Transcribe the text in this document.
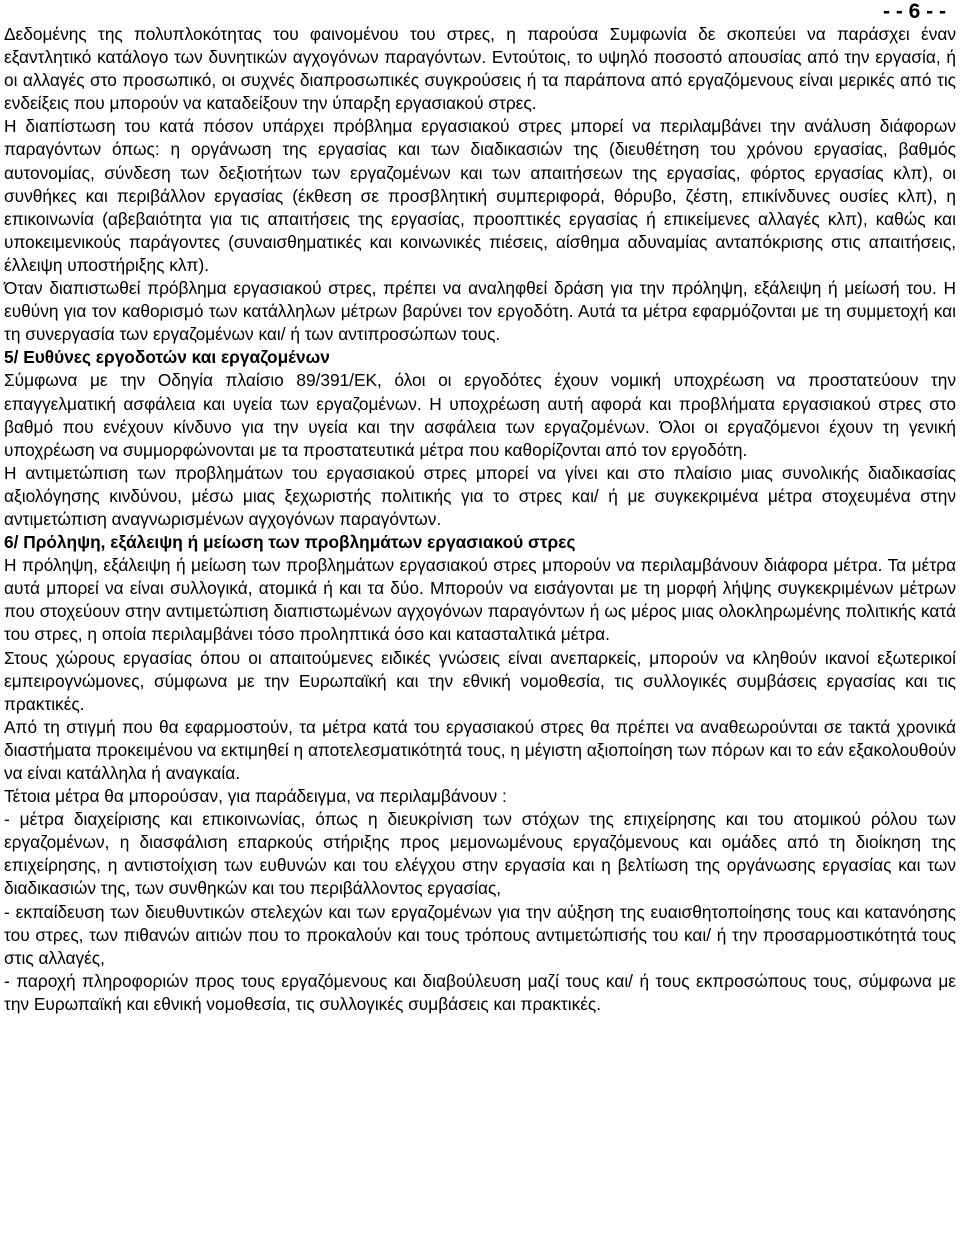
- - 6 - -

Δεδομένης της πολυπλοκότητας του φαινομένου του στρες, η παρούσα Συμφωνία δε σκοπεύει να παράσχει έναν εξαντλητικό κατάλογο των δυνητικών αγχογόνων παραγόντων. Εντούτοις, το υψηλό ποσοστό απουσίας από την εργασία, ή οι αλλαγές στο προσωπικό, οι συχνές διαπροσωπικές συγκρούσεις ή τα παράπονα από εργαζόμενους είναι μερικές από τις ενδείξεις που μπορούν να καταδείξουν την ύπαρξη εργασιακού στρες.

Η διαπίστωση του κατά πόσον υπάρχει πρόβλημα εργασιακού στρες μπορεί να περιλαμβάνει την ανάλυση διάφορων παραγόντων όπως: η οργάνωση της εργασίας και των διαδικασιών της (διευθέτηση του χρόνου εργασίας, βαθμός αυτονομίας, σύνδεση των δεξιοτήτων των εργαζομένων και των απαιτήσεων της εργασίας, φόρτος εργασίας κλπ), οι συνθήκες και περιβάλλον εργασίας (έκθεση σε προσβλητική συμπεριφορά, θόρυβο, ζέστη, επικίνδυνες ουσίες κλπ), η επικοινωνία (αβεβαιότητα για τις απαιτήσεις της εργασίας, προοπτικές εργασίας ή επικείμενες αλλαγές κλπ), καθώς και υποκειμενικούς παράγοντες (συναισθηματικές και κοινωνικές πιέσεις, αίσθημα αδυναμίας ανταπόκρισης στις απαιτήσεις, έλλειψη υποστήριξης κλπ).

Όταν διαπιστωθεί πρόβλημα εργασιακού στρες, πρέπει να αναληφθεί δράση για την πρόληψη, εξάλειψη ή μείωσή του. Η ευθύνη για τον καθορισμό των κατάλληλων μέτρων βαρύνει τον εργοδότη. Αυτά τα μέτρα εφαρμόζονται με τη συμμετοχή και τη συνεργασία των εργαζομένων και/ ή των αντιπροσώπων τους.

5/ Ευθύνες εργοδοτών και εργαζομένων

Σύμφωνα με την Οδηγία πλαίσιο 89/391/ΕΚ, όλοι οι εργοδότες έχουν νομική υποχρέωση να προστατεύουν την επαγγελματική ασφάλεια και υγεία των εργαζομένων. Η υποχρέωση αυτή αφορά και προβλήματα εργασιακού στρες στο βαθμό που ενέχουν κίνδυνο για την υγεία και την ασφάλεια των εργαζομένων. Όλοι οι εργαζόμενοι έχουν τη γενική υποχρέωση να συμμορφώνονται με τα προστατευτικά μέτρα που καθορίζονται από τον εργοδότη.

Η αντιμετώπιση των προβλημάτων του εργασιακού στρες μπορεί να γίνει και στο πλαίσιο μιας συνολικής διαδικασίας αξιολόγησης κινδύνου, μέσω μιας ξεχωριστής πολιτικής για το στρες και/ ή με συγκεκριμένα μέτρα στοχευμένα στην αντιμετώπιση αναγνωρισμένων αγχογόνων παραγόντων.

6/ Πρόληψη, εξάλειψη ή μείωση των προβλημάτων εργασιακού στρες

Η πρόληψη, εξάλειψη ή μείωση των προβλημάτων εργασιακού στρες μπορούν να περιλαμβάνουν διάφορα μέτρα. Τα μέτρα αυτά μπορεί να είναι συλλογικά, ατομικά ή και τα δύο. Μπορούν να εισάγονται με τη μορφή λήψης συγκεκριμένων μέτρων που στοχεύουν στην αντιμετώπιση διαπιστωμένων αγχογόνων παραγόντων ή ως μέρος μιας ολοκληρωμένης πολιτικής κατά του στρες, η οποία περιλαμβάνει τόσο προληπτικά όσο και κατασταλτικά μέτρα.

Στους χώρους εργασίας όπου οι απαιτούμενες ειδικές γνώσεις είναι ανεπαρκείς, μπορούν να κληθούν ικανοί εξωτερικοί εμπειρογνώμονες, σύμφωνα με την Ευρωπαϊκή και την εθνική νομοθεσία, τις συλλογικές συμβάσεις εργασίας και τις πρακτικές.

Από τη στιγμή που θα εφαρμοστούν, τα μέτρα κατά του εργασιακού στρες θα πρέπει να αναθεωρούνται σε τακτά χρονικά διαστήματα προκειμένου να εκτιμηθεί η αποτελεσματικότητά τους, η μέγιστη αξιοποίηση των πόρων και το εάν εξακολουθούν να είναι κατάλληλα ή αναγκαία.

Τέτοια μέτρα θα μπορούσαν, για παράδειγμα, να περιλαμβάνουν :

- μέτρα διαχείρισης και επικοινωνίας, όπως η διευκρίνιση των στόχων της επιχείρησης και του ατομικού ρόλου των εργαζομένων, η διασφάλιση επαρκούς στήριξης προς μεμονωμένους εργαζόμενους και ομάδες από τη διοίκηση της επιχείρησης, η αντιστοίχιση των ευθυνών και του ελέγχου στην εργασία και η βελτίωση της οργάνωσης εργασίας και των διαδικασιών της, των συνθηκών και του περιβάλλοντος εργασίας,

- εκπαίδευση των διευθυντικών στελεχών και των εργαζομένων για την αύξηση της ευαισθητοποίησης τους και κατανόησης του στρες, των πιθανών αιτιών που το προκαλούν και τους τρόπους αντιμετώπισής του και/ ή την προσαρμοστικότητά τους στις αλλαγές,

- παροχή πληροφοριών προς τους εργαζόμενους και διαβούλευση μαζί τους και/ ή τους εκπροσώπους τους, σύμφωνα με την Ευρωπαϊκή και εθνική νομοθεσία, τις συλλογικές συμβάσεις και πρακτικές.
